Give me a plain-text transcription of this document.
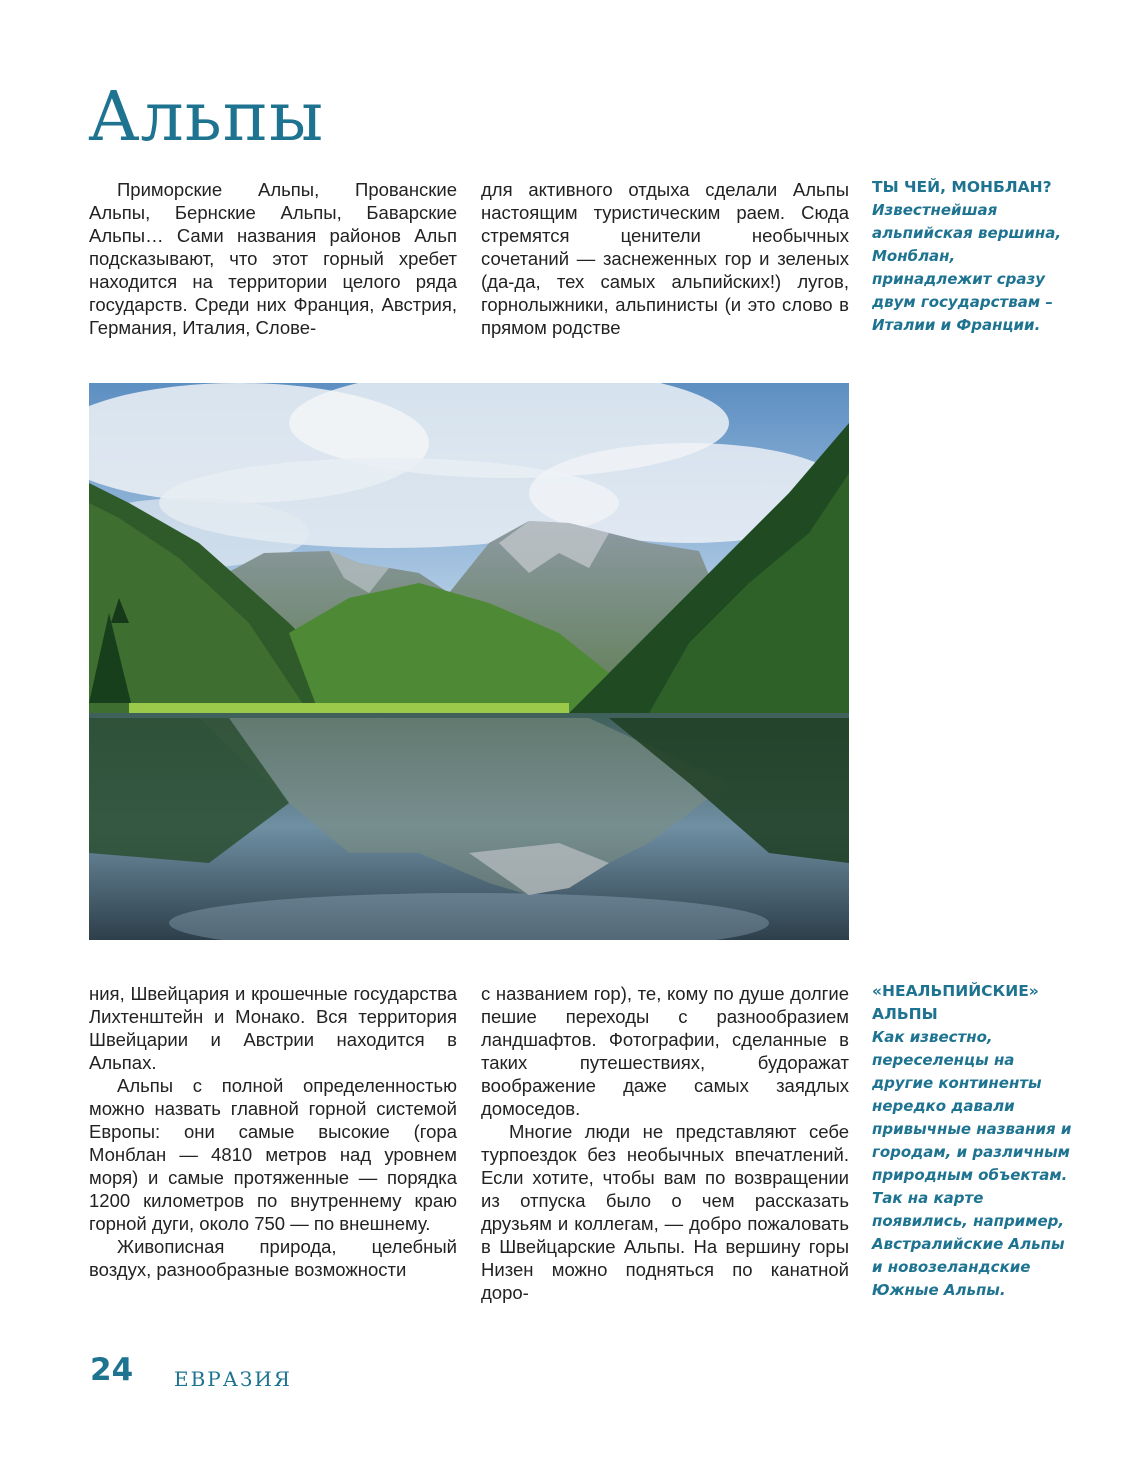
Альпы

Приморские Альпы, Прованские Альпы, Бернские Альпы, Баварские Альпы… Сами названия районов Альп подсказывают, что этот горный хребет находится на территории целого ряда государств. Среди них Франция, Австрия, Германия, Италия, Слове-

для активного отдыха сделали Альпы настоящим туристическим раем. Сюда стремятся ценители необычных сочетаний — заснеженных гор и зеленых (да-да, тех самых альпийских!) лугов, горнолыжники, альпинисты (и это слово в прямом родстве

ТЫ ЧЕЙ, МОНБЛАН?

Известнейшая альпийская вершина, Монблан, принадлежит сразу двум государствам – Италии и Франции.

ния, Швейцария и крошечные государства Лихтенштейн и Монако. Вся территория Швейцарии и Австрии находится в Альпах.

Альпы с полной определенностью можно назвать главной горной системой Европы: они самые высокие (гора Монблан — 4810 метров над уровнем моря) и самые протяженные — порядка 1200 километров по внутреннему краю горной дуги, около 750 — по внешнему.

Живописная природа, целебный воздух, разнообразные возможности

с названием гор), те, кому по душе долгие пешие переходы с разнообразием ландшафтов. Фотографии, сделанные в таких путешествиях, будоражат воображение даже самых заядлых домоседов.

Многие люди не представляют себе турпоездок без необычных впечатлений. Если хотите, чтобы вам по возвращении из отпуска было о чем рассказать друзьям и коллегам, — добро пожаловать в Швейцарские Альпы. На вершину горы Низен можно подняться по канатной доро-

«НЕАЛЬПИЙСКИЕ» АЛЬПЫ

Как известно, переселенцы на другие континенты нередко давали привычные названия и городам, и различным природным объектам. Так на карте появились, например, Австралийские Альпы и новозеландские Южные Альпы.

24 ЕВРАЗИЯ
